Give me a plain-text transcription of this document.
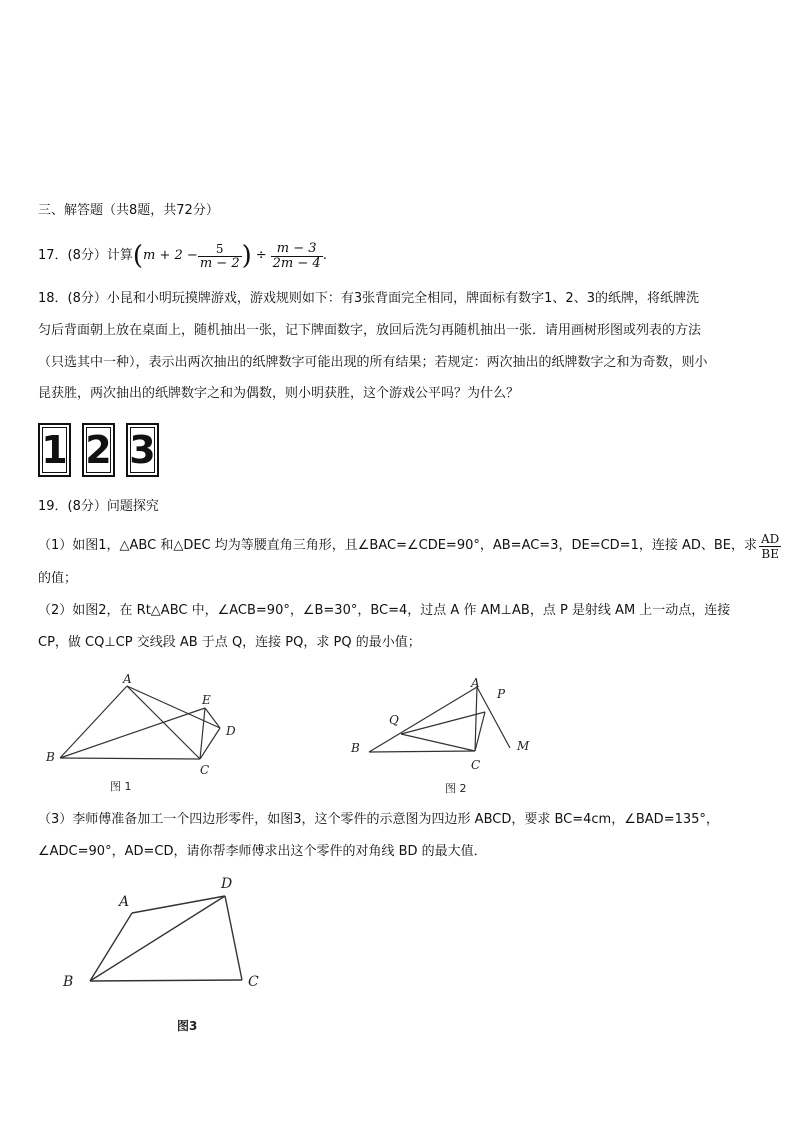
三、解答题（共8题，共72分）
17．(8分）计算 ( $m + 2 - \frac{5}{m - 2}$ ) ÷ $\frac{m - 3}{2m - 4}$ .
18．(8分）小昆和小明玩摸牌游戏，游戏规则如下：有3张背面完全相同，牌面标有数字1、2、3的纸牌，将纸牌洗
匀后背面朝上放在桌面上，随机抽出一张，记下牌面数字，放回后洗匀再随机抽出一张．请用画树形图或列表的方法
（只选其中一种），表示出两次抽出的纸牌数字可能出现的所有结果；若规定：两次抽出的纸牌数字之和为奇数，则小
昆获胜，两次抽出的纸牌数字之和为偶数，则小明获胜，这个游戏公平吗？为什么？
1 2 3
19．(8分）问题探究
（1）如图1，△ABC 和△DEC 均为等腰直角三角形，且∠BAC=∠CDE=90°，AB=AC=3，DE=CD=1，连接 AD、BE，求 $\frac{AD}{BE}$
的值；
（2）如图2，在 Rt△ABC 中，∠ACB=90°，∠B=30°，BC=4，过点 A 作 AM⊥AB，点 P 是射线 AM 上一动点，连接
CP，做 CQ⊥CP 交线段 AB 于点 Q，连接 PQ，求 PQ 的最小值；
A
E
D
B
C
图 1
A
P
Q
B
C
M
图 2
（3）李师傅准备加工一个四边形零件，如图3，这个零件的示意图为四边形 ABCD，要求 BC=4cm，∠BAD=135°，
∠ADC=90°，AD=CD，请你帮李师傅求出这个零件的对角线 BD 的最大值．
A
D
B	C
图3
